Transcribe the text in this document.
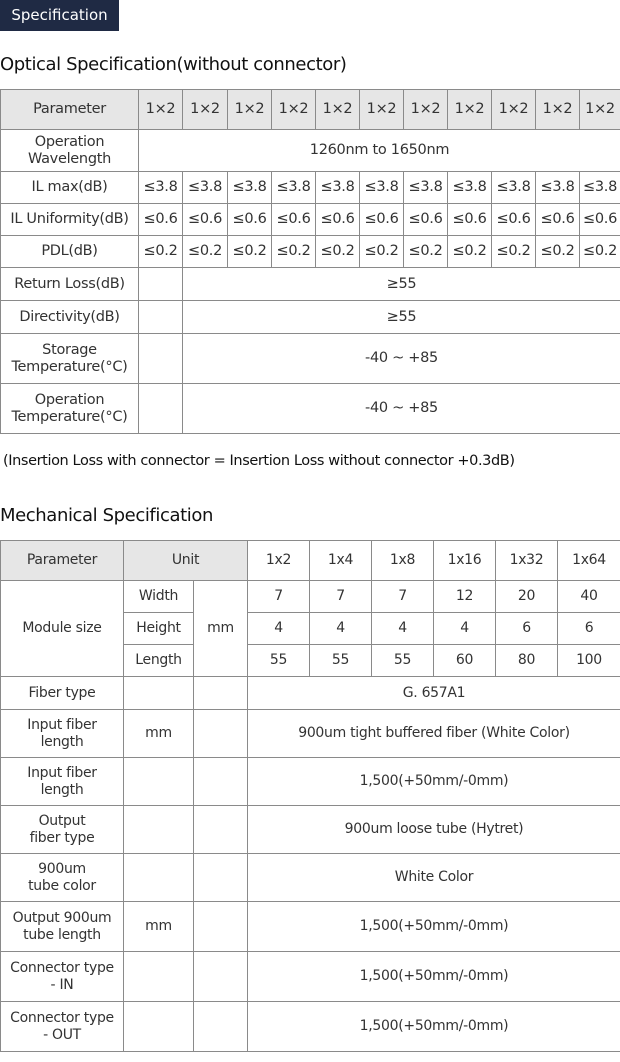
Specification
Optical Specification(without connector)
Parameter	1×2	1×2	1×2	1×2	1×2	1×2	1×2	1×2	1×2	1×2	1×2
Operation
Wavelength	1260nm to 1650nm										
IL max(dB)	≤3.8	≤3.8	≤3.8	≤3.8	≤3.8	≤3.8	≤3.8	≤3.8	≤3.8	≤3.8	≤3.8
IL Uniformity(dB)	≤0.6	≤0.6	≤0.6	≤0.6	≤0.6	≤0.6	≤0.6	≤0.6	≤0.6	≤0.6	≤0.6
PDL(dB)	≤0.2	≤0.2	≤0.2	≤0.2	≤0.2	≤0.2	≤0.2	≤0.2	≤0.2	≤0.2	≤0.2
Return Loss(dB)		≥55									
Directivity(dB)		≥55									
Storage
Temperature(°C)		-40 ~ +85									
Operation
Temperature(°C)		-40 ~ +85									
(Insertion Loss with connector = Insertion Loss without connector +0.3dB)
Mechanical Specification
Parameter	Unit		1x2	1x4	1x8	1x16	1x32	1x64
Module size	Width	mm	7	7	7	12	20	40
	Height		4	4	4	4	6	6
	Length		55	55	55	60	80	100
Fiber type			G. 657A1					
Input fiber
length	mm		900um tight buffered fiber (White Color)					
Input fiber
length			1,500(+50mm/-0mm)					
Output
fiber type			900um loose tube (Hytret)					
900um
tube color			White Color					
Output 900um
tube length	mm		1,500(+50mm/-0mm)					
Connector type
- IN			1,500(+50mm/-0mm)					
Connector type
- OUT			1,500(+50mm/-0mm)					
